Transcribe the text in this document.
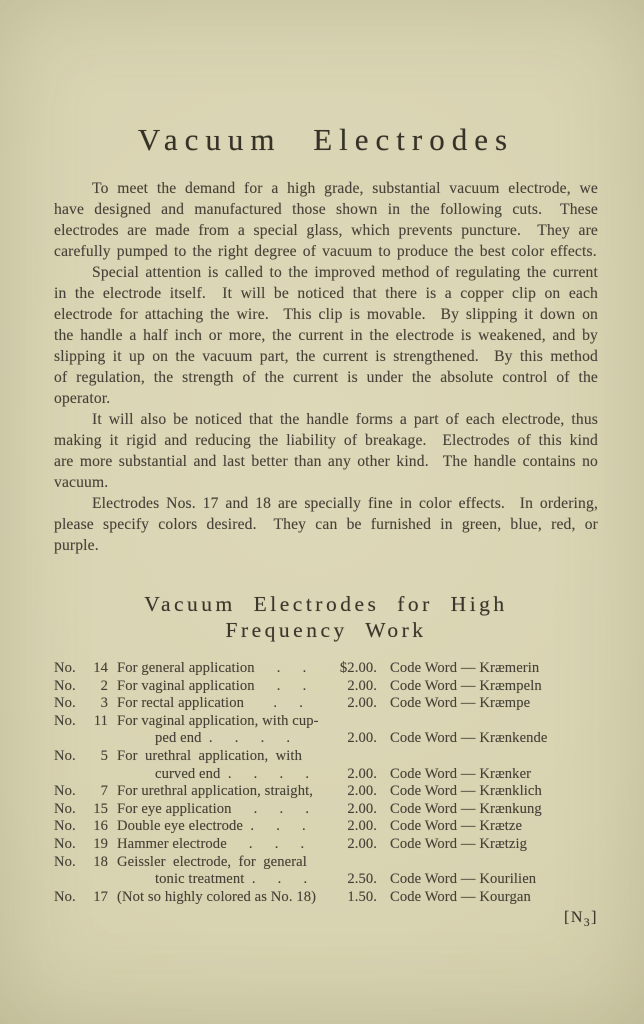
Vacuum Electrodes

To meet the demand for a high grade, substantial vacuum electrode, we have designed and manufactured those shown in the following cuts.  These electrodes are made from a special glass, which prevents puncture.  They are carefully pumped to the right degree of vacuum to produce the best color effects.

Special attention is called to the improved method of regulating the current in the electrode itself.  It will be noticed that there is a copper clip on each electrode for attaching the wire.  This clip is movable.  By slipping it down on the handle a half inch or more, the current in the electrode is weakened, and by slipping it up on the vacuum part, the current is strengthened.  By this method of regulation, the strength of the current is under the absolute control of the operator.

It will also be noticed that the handle forms a part of each electrode, thus making it rigid and reducing the liability of breakage.  Electrodes of this kind are more substantial and last better than any other kind.  The handle contains no vacuum.

Electrodes Nos. 17 and 18 are specially fine in color effects.  In ordering, please specify colors desired.  They can be furnished in green, blue, red, or purple.

Vacuum Electrodes for High
Frequency Work
No. 14 For general application  .  .	$2.00. Code Word — Kræmerin
No. 2 For vaginal application  .  .	2.00. Code Word — Kræmpeln
No. 3 For rectal application  .  .	2.00. Code Word — Kræmpe
No. 11 For vaginal application, with cup-
ped end .  .  .  .	2.00. Code Word — Krænkende
No. 5 For urethral application, with
curved end .  .  .  .	2.00. Code Word — Krænker
No. 7 For urethral application, straight,	2.00. Code Word — Krænklich
No. 15 For eye application  .  .  .	2.00. Code Word — Krænkung
No. 16 Double eye electrode .  .  .	2.00. Code Word — Krætze
No. 19 Hammer electrode  .  .  .	2.00. Code Word — Krætzig
No. 18 Geissler electrode, for general
tonic treatment .  .  .	2.50. Code Word — Kourilien
No. 17 (Not so highly colored as No. 18)	1.50. Code Word — Kourgan
$[N_3]$
